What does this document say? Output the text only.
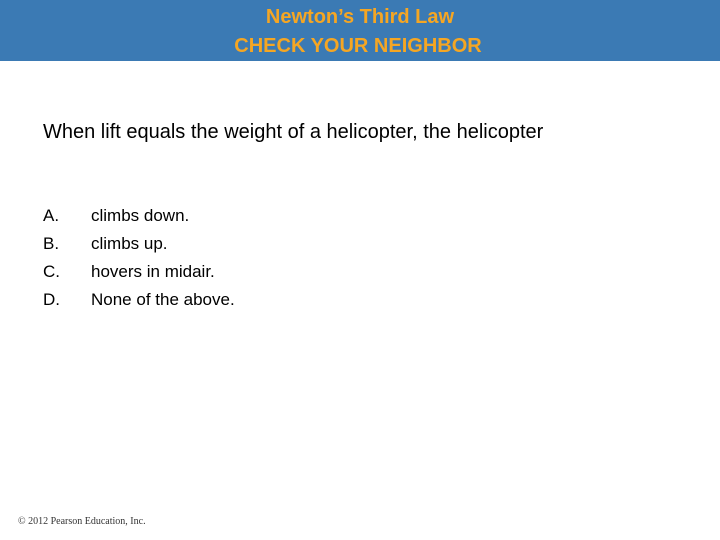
Newton’s Third Law
CHECK YOUR NEIGHBOR
When lift equals the weight of a helicopter, the helicopter
A.	climbs down.
B.	climbs up.
C.	hovers in midair.
D.	None of the above.
© 2012 Pearson Education, Inc.
